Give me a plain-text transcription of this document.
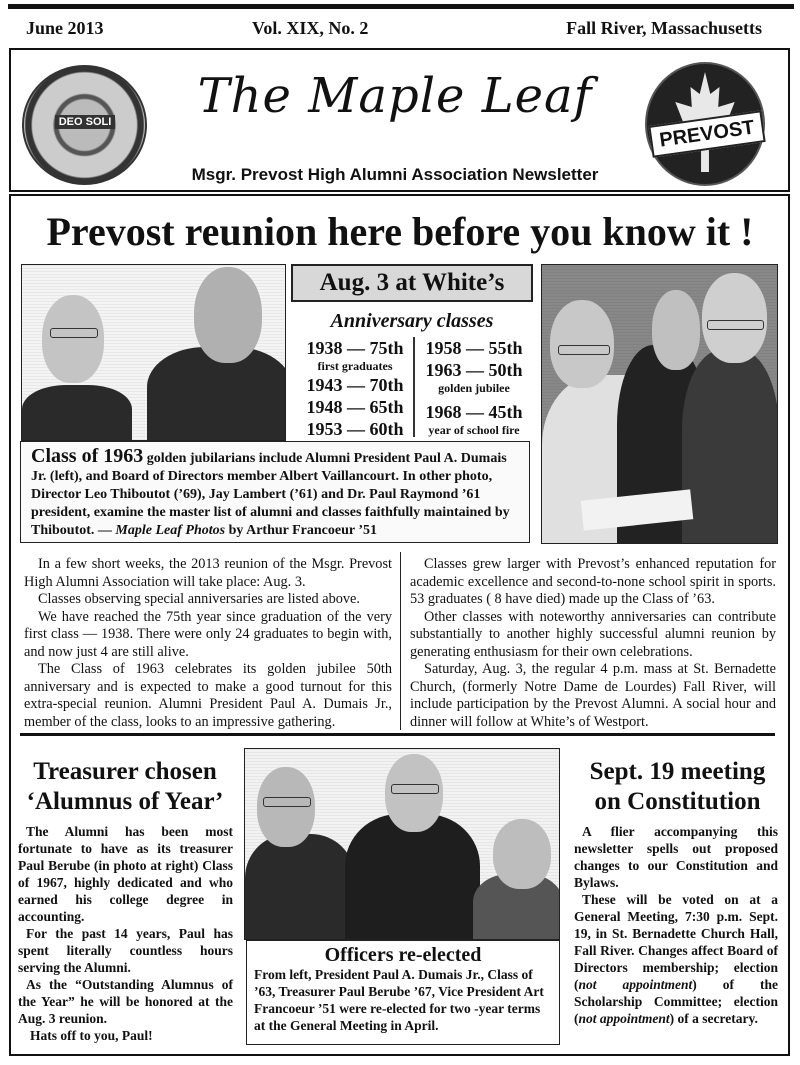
June 2013	Vol. XIX, No. 2	Fall River, Massachusetts
DEO SOLI	The Maple Leaf
Msgr. Prevost High Alumni Association Newsletter
PREVOST
Prevost reunion here before you know it !
Aug. 3 at White’s
Anniversary classes
1938 — 75th
first graduates
1943 — 70th
1948 — 65th
1953 — 60th
1958 — 55th
1963 — 50th
golden jubilee
1968 — 45th
year of school fire
Class of 1963 golden jubilarians include Alumni President Paul A. Dumais Jr. (left), and Board of Directors member Albert Vaillancourt. In other photo, Director Leo Thiboutot (’69), Jay Lambert (’61) and Dr. Paul Raymond ’61 president, examine the master list of alumni and classes faithfully maintained by Thiboutot. — Maple Leaf Photos by Arthur Francoeur ’51

In a few short weeks, the 2013 reunion of the Msgr. Prevost High Alumni Association will take place: Aug. 3.

Classes observing special anniversaries are listed above.

We have reached the 75th year since graduation of the very first class — 1938. There were only 24 graduates to begin with, and now just 4 are still alive.

The Class of 1963 celebrates its golden jubilee 50th anniversary and is expected to make a good turnout for this extra-special reunion. Alumni President Paul A. Dumais Jr., member of the class, looks to an impressive gathering.

Classes grew larger with Prevost’s enhanced reputation for academic excellence and second-to-none school spirit in sports. 53 graduates ( 8 have died) made up the Class of ’63.

Other classes with noteworthy anniversaries can contribute substantially to another highly successful alumni reunion by generating enthusiasm for their own celebrations.

Saturday, Aug. 3, the regular 4 p.m. mass at St. Bernadette Church, (formerly Notre Dame de Lourdes) Fall River, will include participation by the Prevost Alumni. A social hour and dinner will follow at White’s of Westport.

Treasurer chosen
‘Alumnus of Year’

The Alumni has been most fortunate to have as its treasurer Paul Berube (in photo at right) Class of 1967, highly dedicated and who earned his college degree in accounting.

For the past 14 years, Paul has spent literally countless hours serving the Alumni.

As the “Outstanding Alumnus of the Year” he will be honored at the Aug. 3 reunion.

Hats off to you, Paul!

Officers re-elected
From left, President Paul A. Dumais Jr., Class of ’63, Treasurer Paul Berube ’67, Vice President Art Francoeur ’51 were re-elected for two -year terms at the General Meeting in April.
Sept. 19 meeting
on Constitution

A flier accompanying this newsletter spells out proposed changes to our Constitution and Bylaws.

These will be voted on at a General Meeting, 7:30 p.m. Sept. 19, in St. Bernadette Church Hall, Fall River. Changes affect Board of Directors membership; election (not appointment) of the Scholarship Committee; election (not appointment) of a secretary.
